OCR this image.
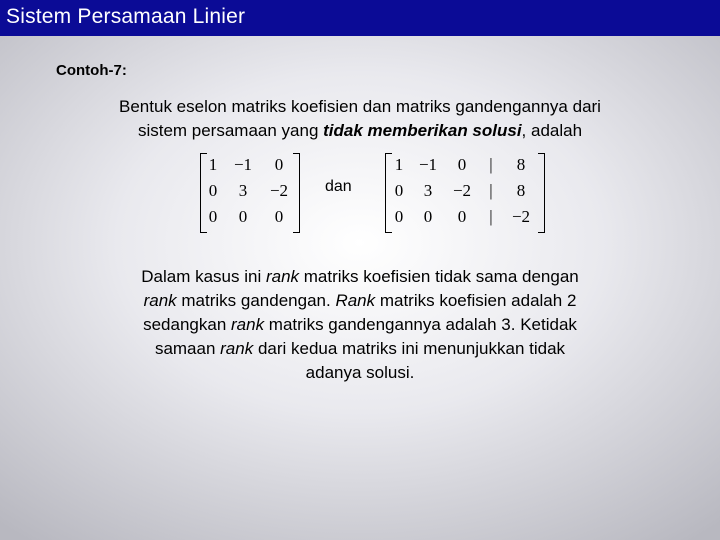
Sistem Persamaan Linier
Contoh-7:
Bentuk eselon matriks koefisien dan matriks gandengannya dari
sistem persamaan yang tidak memberikan solusi, adalah
1 −1	0
0	3	−2
0	0	0
dan
1 −1	0	|	8
0	3	−2	|	8
0	0	0	|	−2
Dalam kasus ini rank matriks koefisien tidak sama dengan
rank matriks gandengan. Rank matriks koefisien adalah 2
sedangkan rank matriks gandengannya adalah 3. Ketidak
samaan rank dari kedua matriks ini menunjukkan tidak
adanya solusi.
